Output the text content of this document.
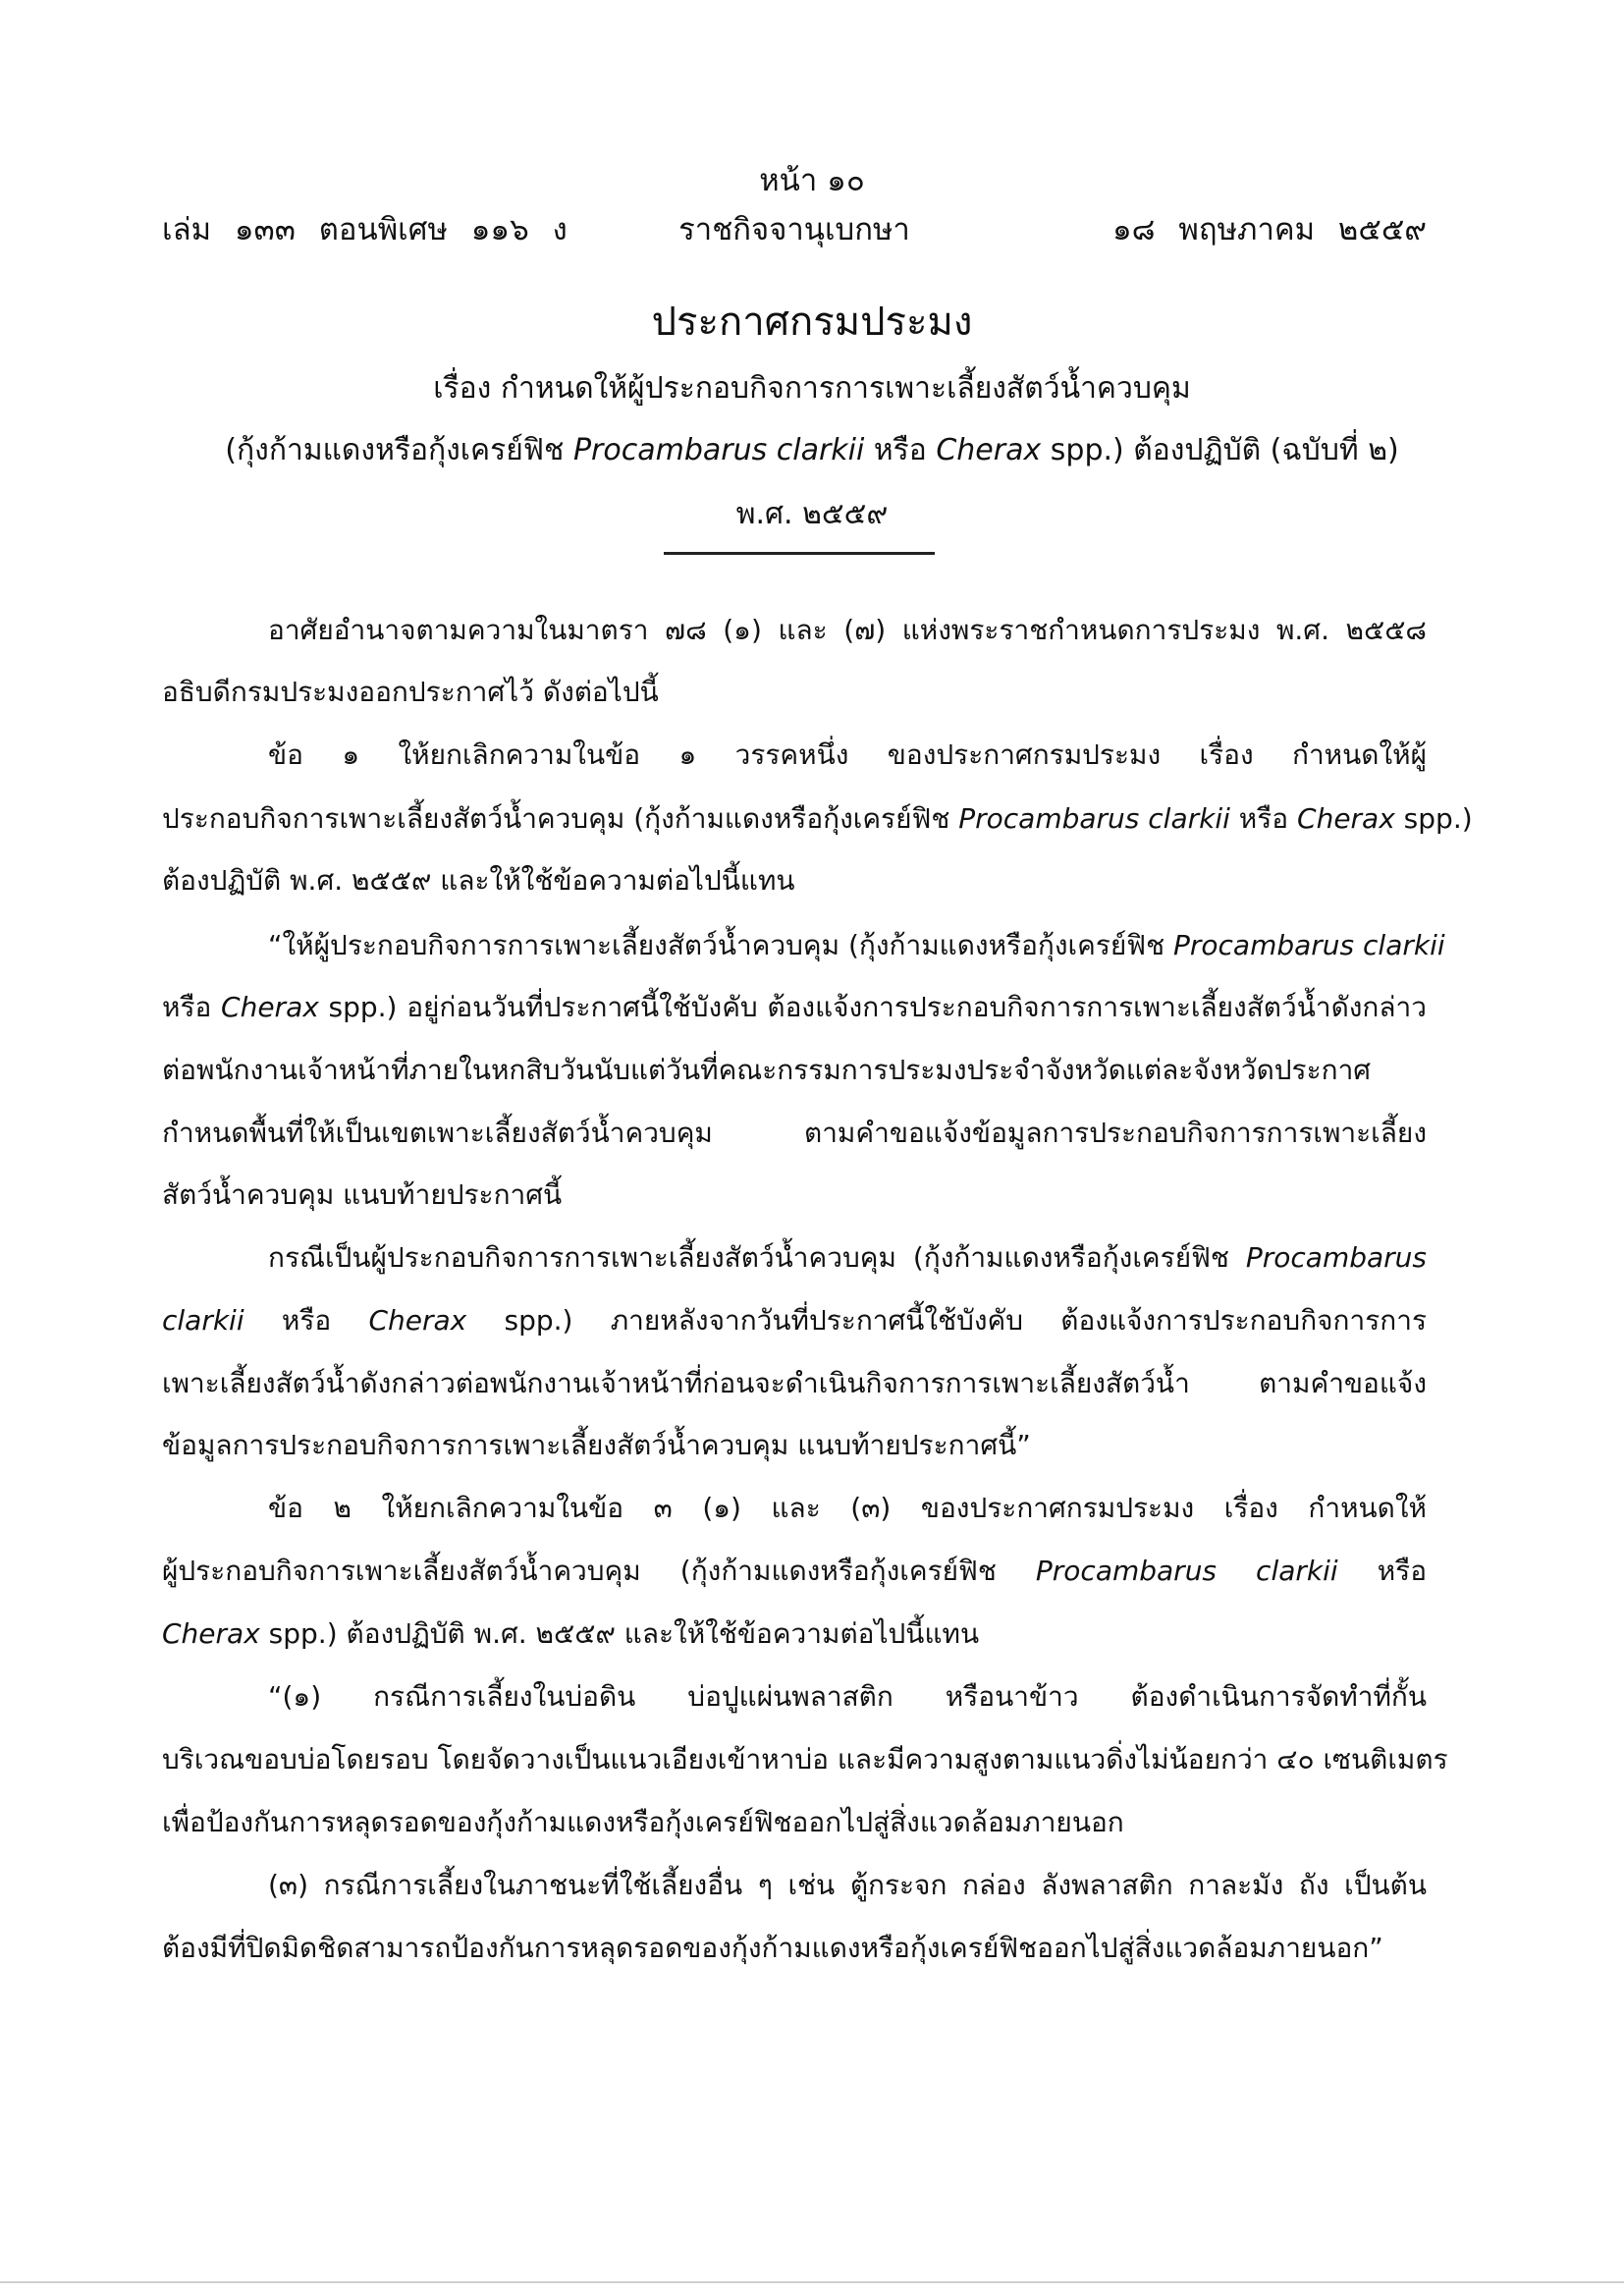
หน้า ๑๐
เล่ม ๑๓๓ ตอนพิเศษ ๑๑๖ ง	ราชกิจจานุเบกษา	๑๘ พฤษภาคม ๒๕๕๙
ประกาศกรมประมง
เรื่อง กำหนดให้ผู้ประกอบกิจการการเพาะเลี้ยงสัตว์น้ำควบคุม
(กุ้งก้ามแดงหรือกุ้งเครย์ฟิช Procambarus clarkii หรือ Cherax spp.) ต้องปฏิบัติ (ฉบับที่ ๒)
พ.ศ. ๒๕๕๙
อาศัยอำนาจตามความในมาตรา ๗๘ (๑) และ (๗) แห่งพระราชกำหนดการประมง พ.ศ. ๒๕๕๘
อธิบดีกรมประมงออกประกาศไว้ ดังต่อไปนี้
ข้อ ๑ ให้ยกเลิกความในข้อ ๑ วรรคหนึ่ง ของประกาศกรมประมง เรื่อง กำหนดให้ผู้
ประกอบกิจการเพาะเลี้ยงสัตว์น้ำควบคุม (กุ้งก้ามแดงหรือกุ้งเครย์ฟิช Procambarus clarkii หรือ Cherax spp.)
ต้องปฏิบัติ พ.ศ. ๒๕๕๙ และให้ใช้ข้อความต่อไปนี้แทน
“ให้ผู้ประกอบกิจการการเพาะเลี้ยงสัตว์น้ำควบคุม (กุ้งก้ามแดงหรือกุ้งเครย์ฟิช Procambarus clarkii
หรือ Cherax spp.) อยู่ก่อนวันที่ประกาศนี้ใช้บังคับ ต้องแจ้งการประกอบกิจการการเพาะเลี้ยงสัตว์น้ำดังกล่าว
ต่อพนักงานเจ้าหน้าที่ภายในหกสิบวันนับแต่วันที่คณะกรรมการประมงประจำจังหวัดแต่ละจังหวัดประกาศ
กำหนดพื้นที่ให้เป็นเขตเพาะเลี้ยงสัตว์น้ำควบคุม ตามคำขอแจ้งข้อมูลการประกอบกิจการการเพาะเลี้ยง
สัตว์น้ำควบคุม แนบท้ายประกาศนี้
กรณีเป็นผู้ประกอบกิจการการเพาะเลี้ยงสัตว์น้ำควบคุม (กุ้งก้ามแดงหรือกุ้งเครย์ฟิช Procambarus
clarkii หรือ Cherax spp.) ภายหลังจากวันที่ประกาศนี้ใช้บังคับ ต้องแจ้งการประกอบกิจการการ
เพาะเลี้ยงสัตว์น้ำดังกล่าวต่อพนักงานเจ้าหน้าที่ก่อนจะดำเนินกิจการการเพาะเลี้ยงสัตว์น้ำ ตามคำขอแจ้ง
ข้อมูลการประกอบกิจการการเพาะเลี้ยงสัตว์น้ำควบคุม แนบท้ายประกาศนี้”
ข้อ ๒ ให้ยกเลิกความในข้อ ๓ (๑) และ (๓) ของประกาศกรมประมง เรื่อง กำหนดให้
ผู้ประกอบกิจการเพาะเลี้ยงสัตว์น้ำควบคุม (กุ้งก้ามแดงหรือกุ้งเครย์ฟิช Procambarus clarkii หรือ
Cherax spp.) ต้องปฏิบัติ พ.ศ. ๒๕๕๙ และให้ใช้ข้อความต่อไปนี้แทน
“(๑) กรณีการเลี้ยงในบ่อดิน บ่อปูแผ่นพลาสติก หรือนาข้าว ต้องดำเนินการจัดทำที่กั้น
บริเวณขอบบ่อโดยรอบ โดยจัดวางเป็นแนวเอียงเข้าหาบ่อ และมีความสูงตามแนวดิ่งไม่น้อยกว่า ๔๐ เซนติเมตร
เพื่อป้องกันการหลุดรอดของกุ้งก้ามแดงหรือกุ้งเครย์ฟิชออกไปสู่สิ่งแวดล้อมภายนอก
(๓) กรณีการเลี้ยงในภาชนะที่ใช้เลี้ยงอื่น ๆ เช่น ตู้กระจก กล่อง ลังพลาสติก กาละมัง ถัง เป็นต้น
ต้องมีที่ปิดมิดชิดสามารถป้องกันการหลุดรอดของกุ้งก้ามแดงหรือกุ้งเครย์ฟิชออกไปสู่สิ่งแวดล้อมภายนอก”
